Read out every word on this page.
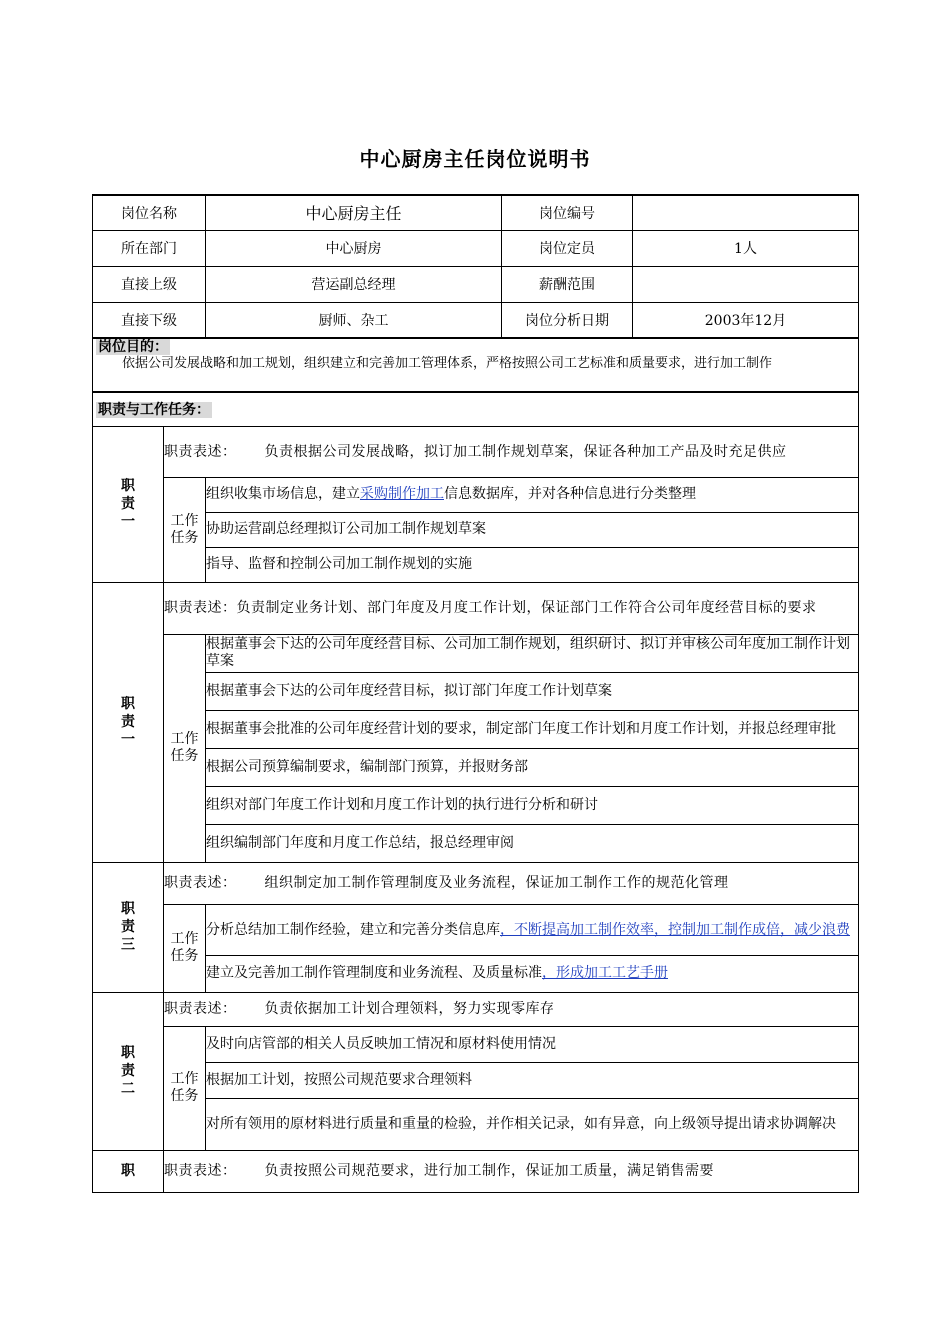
中心厨房主任岗位说明书
岗位名称		中心厨房主任	岗位编号	
所在部门		中心厨房	岗位定员	1人
直接上级		营运副总经理	薪酬范围	
直接下级		厨师、杂工	岗位分析日期	2003年12月

岗位目的：
依据公司发展战略和加工规划，组织建立和完善加工管理体系，严格按照公司工艺标准和质量要求，进行加工制作				

职责与工作任务：				
职
责
一	职责表述： 负责根据公司发展战略，拟订加工制作规划草案，保证各种加工产品及时充足供应			
	工作
任务	组织收集市场信息，建立采购制作加工信息数据库，并对各种信息进行分类整理		
		协助运营副总经理拟订公司加工制作规划草案		
		指导、监督和控制公司加工制作规划的实施		
职
责
一	职责表述：负责制定业务计划、部门年度及月度工作计划，保证部门工作符合公司年度经营目标的要求			
	工作
任务	根据董事会下达的公司年度经营目标、公司加工制作规划，组织研讨、拟订并审核公司年度加工制作计划草案		
		根据董事会下达的公司年度经营目标，拟订部门年度工作计划草案		
		根据董事会批准的公司年度经营计划的要求，制定部门年度工作计划和月度工作计划，并报总经理审批		
		根据公司预算编制要求，编制部门预算，并报财务部		
		组织对部门年度工作计划和月度工作计划的执行进行分析和研讨		
		组织编制部门年度和月度工作总结，报总经理审阅		
职
责
三	职责表述： 组织制定加工制作管理制度及业务流程，保证加工制作工作的规范化管理			
	工作
任务	分析总结加工制作经验，建立和完善分类信息库，不断提高加工制作效率，控制加工制作成倍，减少浪费		
		建立及完善加工制作管理制度和业务流程、及质量标准，形成加工工艺手册		
职
责
二	职责表述： 负责依据加工计划合理领料，努力实现零库存			
	工作
任务	及时向店管部的相关人员反映加工情况和原材料使用情况		
		根据加工计划，按照公司规范要求合理领料		
		对所有领用的原材料进行质量和重量的检验，并作相关记录，如有异意，向上级领导提出请求协调解决		
职	职责表述： 负责按照公司规范要求，进行加工制作，保证加工质量，满足销售需要			
